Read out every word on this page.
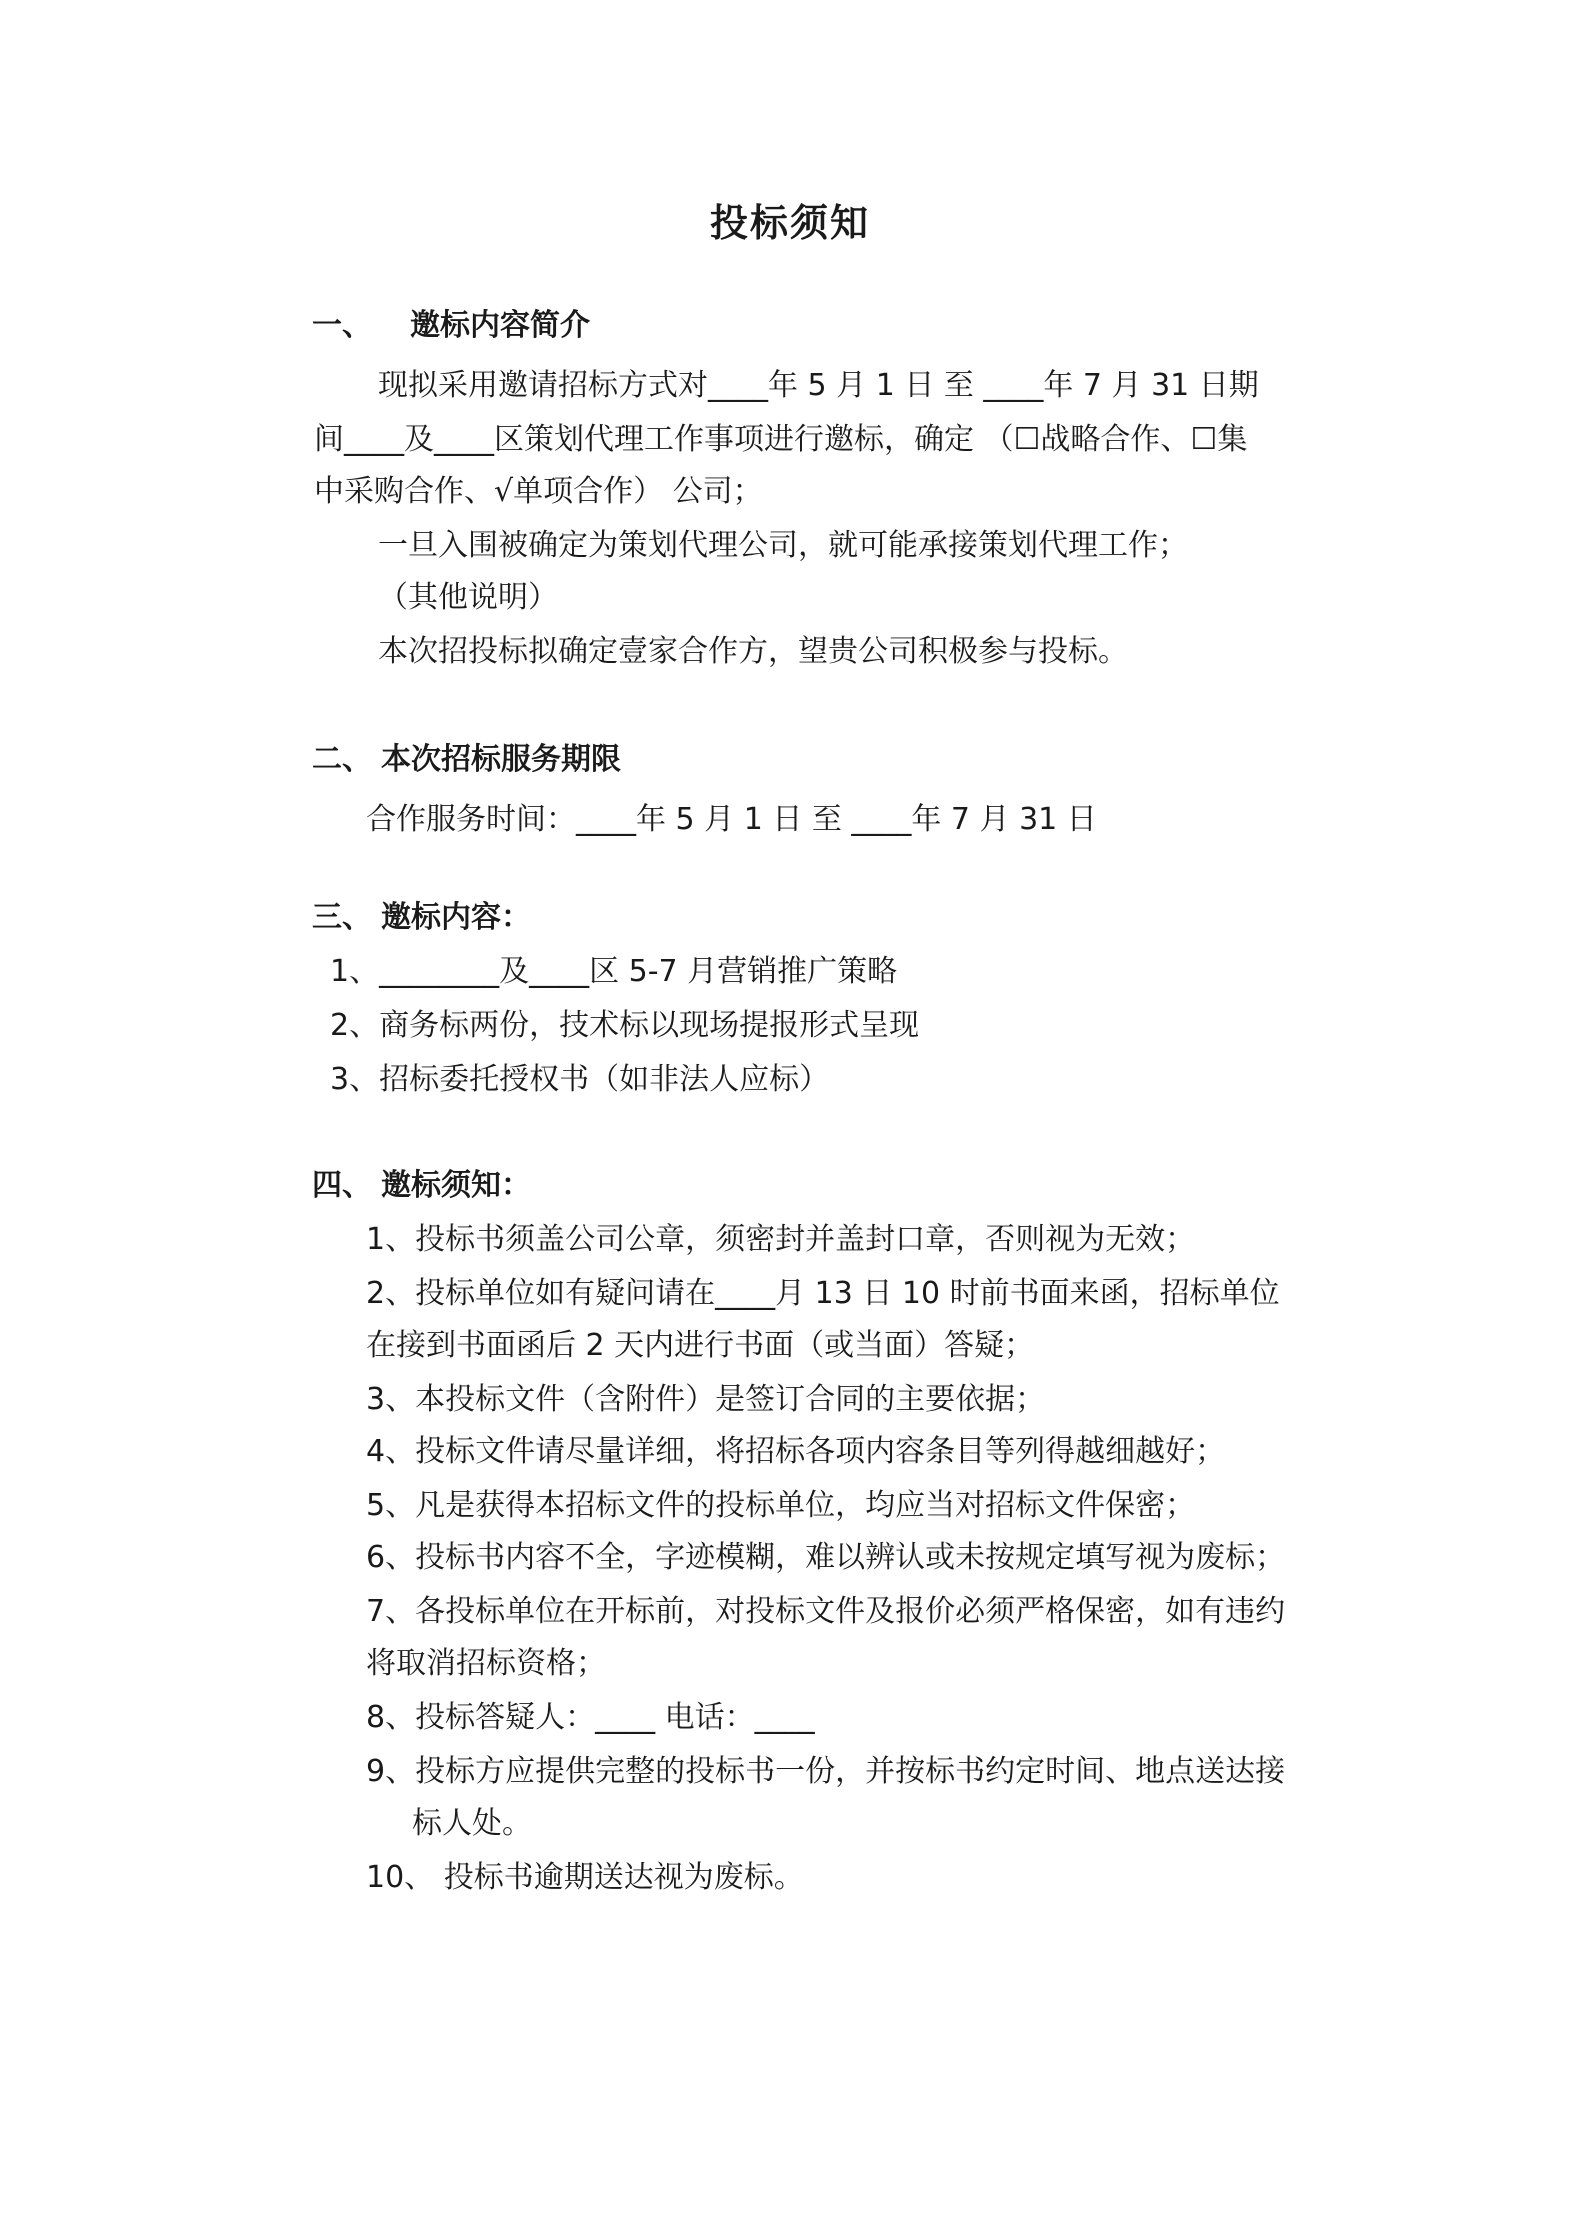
投标须知
一、 邀标内容简介
现拟采用邀请招标方式对____年 5 月 1 日 至 ____年 7 月 31 日期
间____及____区策划代理工作事项进行邀标，确定 （☐战略合作、☐集
中采购合作、√单项合作） 公司；
一旦入围被确定为策划代理公司，就可能承接策划代理工作；
（其他说明）
本次招投标拟确定壹家合作方，望贵公司积极参与投标。
二、 本次招标服务期限
合作服务时间：____年 5 月 1 日 至 ____年 7 月 31 日
三、 邀标内容：
1、________及____区 5-7 月营销推广策略
2、商务标两份，技术标以现场提报形式呈现
3、招标委托授权书（如非法人应标）
四、 邀标须知：
1、投标书须盖公司公章，须密封并盖封口章，否则视为无效；
2、投标单位如有疑问请在____月 13 日 10 时前书面来函，招标单位
在接到书面函后 2 天内进行书面（或当面）答疑；
3、本投标文件（含附件）是签订合同的主要依据；
4、投标文件请尽量详细，将招标各项内容条目等列得越细越好；
5、凡是获得本招标文件的投标单位，均应当对招标文件保密；
6、投标书内容不全，字迹模糊，难以辨认或未按规定填写视为废标；
7、各投标单位在开标前，对投标文件及报价必须严格保密，如有违约
将取消招标资格；
8、投标答疑人：____ 电话：____
9、投标方应提供完整的投标书一份，并按标书约定时间、地点送达接
标人处。
10、 投标书逾期送达视为废标。
